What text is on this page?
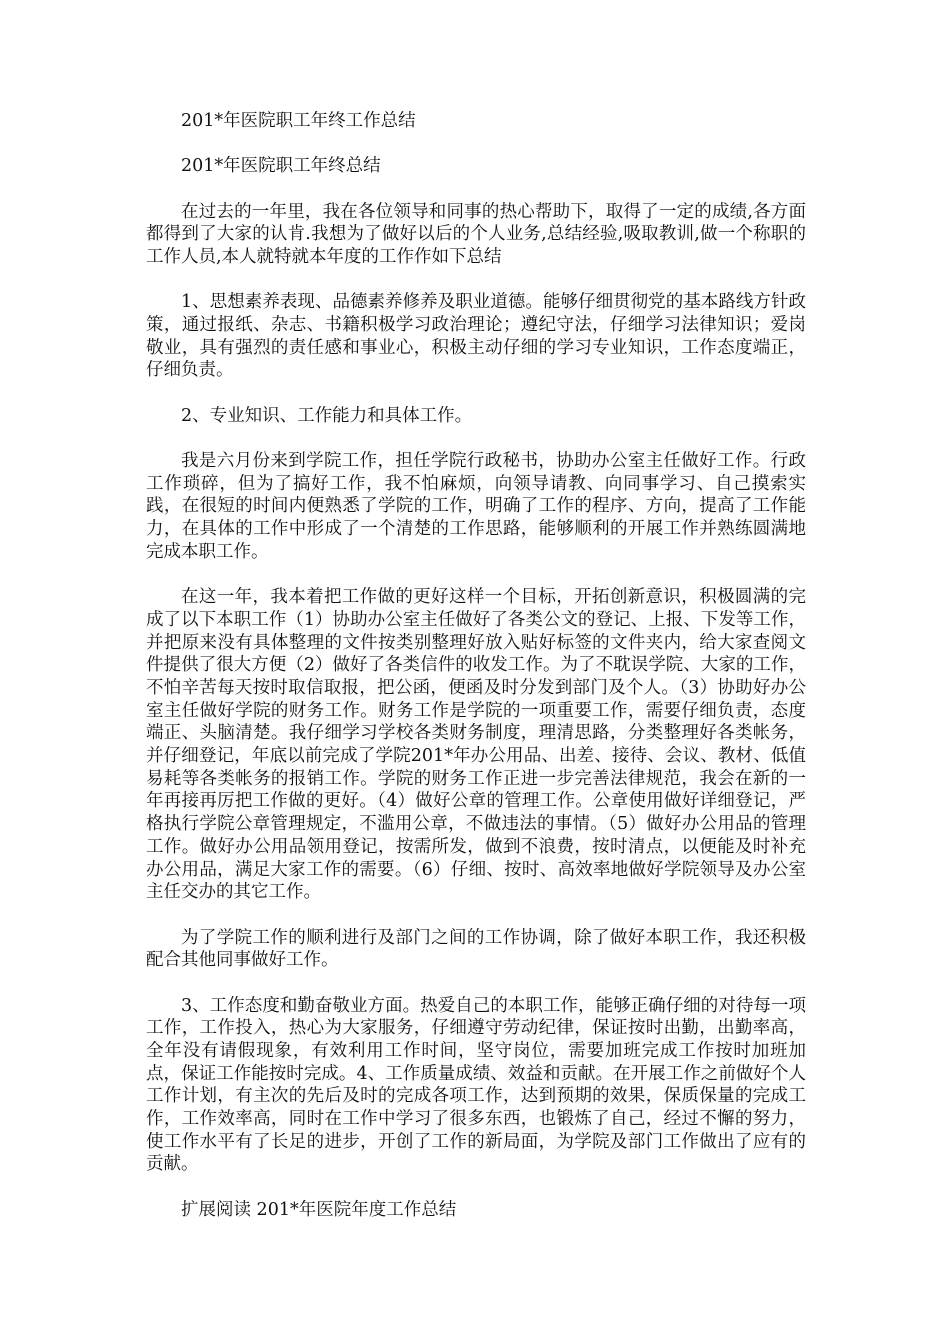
201*年医院职工年终工作总结

201*年医院职工年终总结

在过去的一年里，我在各位领导和同事的热心帮助下，取得了一定的成绩,各方面都得到了大家的认肯.我想为了做好以后的个人业务,总结经验,吸取教训,做一个称职的工作人员,本人就特就本年度的工作作如下总结

1、思想素养表现、品德素养修养及职业道德。能够仔细贯彻党的基本路线方针政策，通过报纸、杂志、书籍积极学习政治理论；遵纪守法，仔细学习法律知识；爱岗敬业，具有强烈的责任感和事业心，积极主动仔细的学习专业知识，工作态度端正，仔细负责。

2、专业知识、工作能力和具体工作。

我是六月份来到学院工作，担任学院行政秘书，协助办公室主任做好工作。行政工作琐碎，但为了搞好工作，我不怕麻烦，向领导请教、向同事学习、自己摸索实践，在很短的时间内便熟悉了学院的工作，明确了工作的程序、方向，提高了工作能力，在具体的工作中形成了一个清楚的工作思路，能够顺利的开展工作并熟练圆满地完成本职工作。

在这一年，我本着把工作做的更好这样一个目标，开拓创新意识，积极圆满的完成了以下本职工作（1）协助办公室主任做好了各类公文的登记、上报、下发等工作，并把原来没有具体整理的文件按类别整理好放入贴好标签的文件夹内，给大家查阅文件提供了很大方便（2）做好了各类信件的收发工作。为了不耽误学院、大家的工作，不怕辛苦每天按时取信取报，把公函，便函及时分发到部门及个人。（3）协助好办公室主任做好学院的财务工作。财务工作是学院的一项重要工作，需要仔细负责，态度端正、头脑清楚。我仔细学习学校各类财务制度，理清思路，分类整理好各类帐务，并仔细登记，年底以前完成了学院201*年办公用品、出差、接待、会议、教材、低值易耗等各类帐务的报销工作。学院的财务工作正进一步完善法律规范，我会在新的一年再接再厉把工作做的更好。（4）做好公章的管理工作。公章使用做好详细登记，严格执行学院公章管理规定，不滥用公章，不做违法的事情。（5）做好办公用品的管理工作。做好办公用品领用登记，按需所发，做到不浪费，按时清点，以便能及时补充办公用品，满足大家工作的需要。（6）仔细、按时、高效率地做好学院领导及办公室主任交办的其它工作。

为了学院工作的顺利进行及部门之间的工作协调，除了做好本职工作，我还积极配合其他同事做好工作。

3、工作态度和勤奋敬业方面。热爱自己的本职工作，能够正确仔细的对待每一项工作，工作投入，热心为大家服务，仔细遵守劳动纪律，保证按时出勤，出勤率高，全年没有请假现象，有效利用工作时间，坚守岗位，需要加班完成工作按时加班加点，保证工作能按时完成。4、工作质量成绩、效益和贡献。在开展工作之前做好个人工作计划，有主次的先后及时的完成各项工作，达到预期的效果，保质保量的完成工作，工作效率高，同时在工作中学习了很多东西，也锻炼了自己，经过不懈的努力，使工作水平有了长足的进步，开创了工作的新局面，为学院及部门工作做出了应有的贡献。

扩展阅读 201*年医院年度工作总结
